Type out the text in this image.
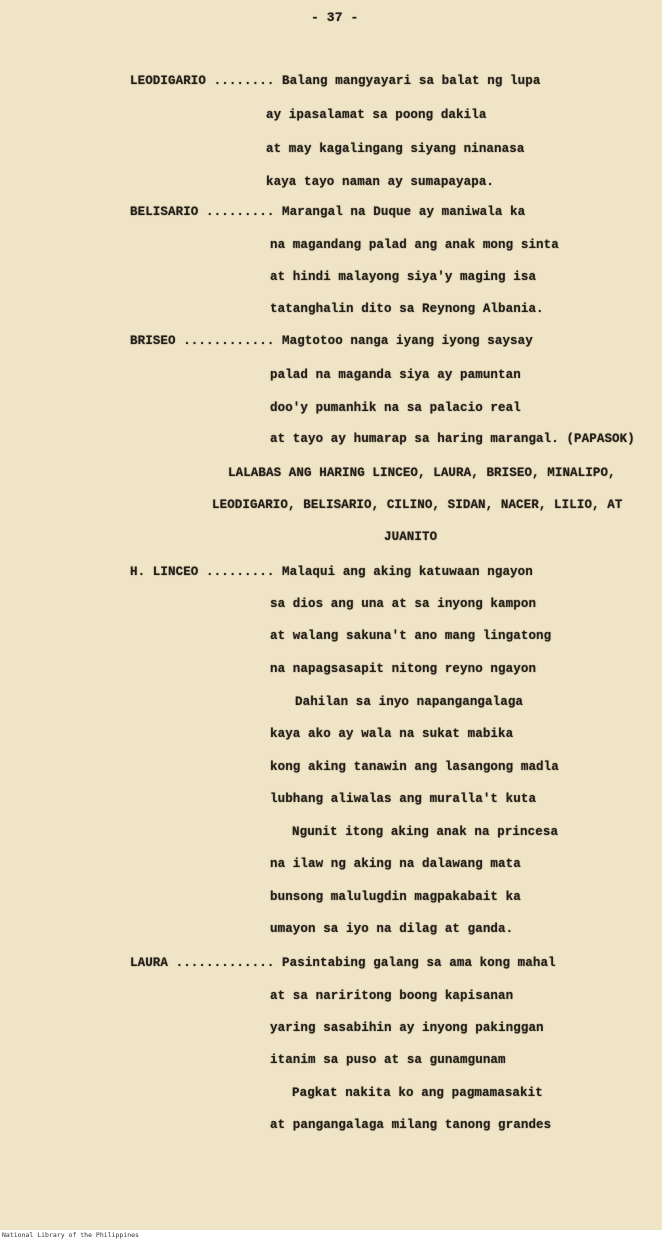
- 37 -
LEODIGARIO ........ Balang mangyayari sa balat ng lupa
ay ipasalamat sa poong dakila
at may kagalingang siyang ninanasa
kaya tayo naman ay sumapayapa.
BELISARIO ......... Marangal na Duque ay maniwala ka
na magandang palad ang anak mong sinta
at hindi malayong siya'y maging isa
tatanghalin dito sa Reynong Albania.
BRISEO ............ Magtotoo nanga iyang iyong saysay
palad na maganda siya ay pamuntan
doo'y pumanhik na sa palacio real
at tayo ay humarap sa haring marangal. (PAPASOK)
LALABAS ANG HARING LINCEO, LAURA, BRISEO, MINALIPO,
LEODIGARIO, BELISARIO, CILINO, SIDAN, NACER, LILIO, AT
JUANITO
H. LINCEO ......... Malaqui ang aking katuwaan ngayon
sa dios ang una at sa inyong kampon
at walang sakuna't ano mang lingatong
na napagsasapit nitong reyno ngayon
Dahilan sa inyo napangangalaga
kaya ako ay wala na sukat mabika
kong aking tanawin ang lasangong madla
lubhang aliwalas ang muralla't kuta
Ngunit itong aking anak na princesa
na ilaw ng aking na dalawang mata
bunsong malulugdin magpakabait ka
umayon sa iyo na dilag at ganda.
LAURA ............. Pasintabing galang sa ama kong mahal
at sa nariritong boong kapisanan
yaring sasabihin ay inyong pakinggan
itanim sa puso at sa gunamgunam
Pagkat nakita ko ang pagmamasakit
at pangangalaga milang tanong grandes
National Library of the Philippines
